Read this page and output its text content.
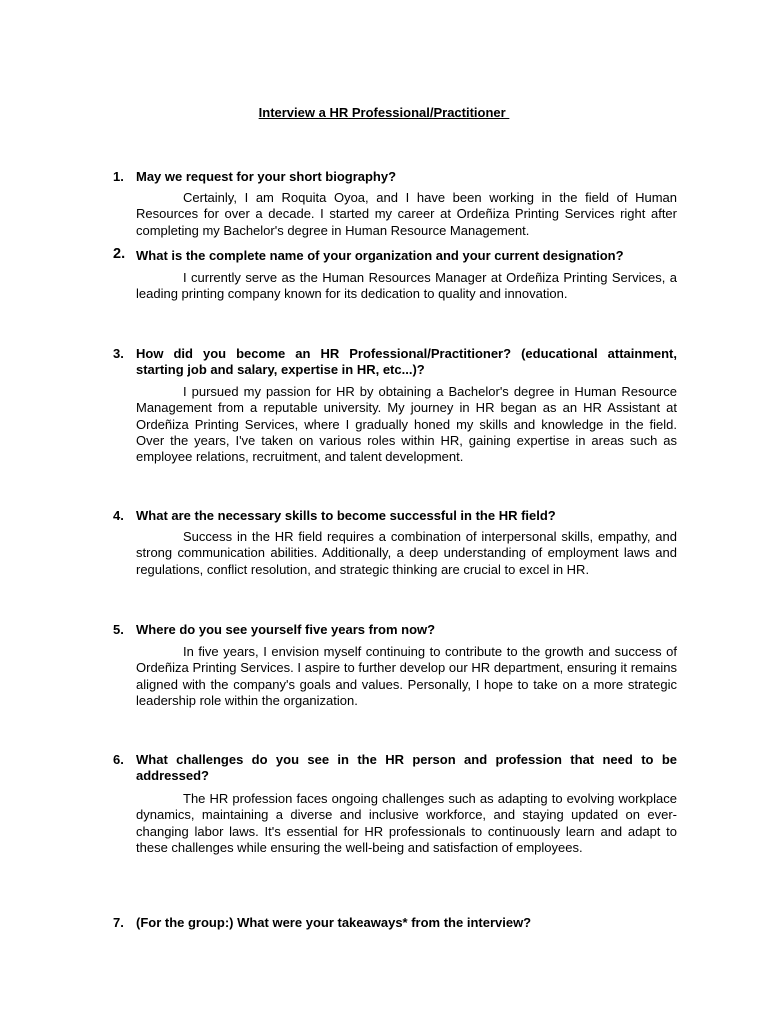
Interview a HR Professional/Practitioner
1. May we request for your short biography?
Certainly, I am Roquita Oyoa, and I have been working in the field of Human Resources for over a decade. I started my career at Ordeñiza Printing Services right after completing my Bachelor's degree in Human Resource Management.
2. What is the complete name of your organization and your current designation?
I currently serve as the Human Resources Manager at Ordeñiza Printing Services, a leading printing company known for its dedication to quality and innovation.
3. How did you become an HR Professional/Practitioner? (educational attainment, starting job and salary, expertise in HR, etc...)?
I pursued my passion for HR by obtaining a Bachelor's degree in Human Resource Management from a reputable university. My journey in HR began as an HR Assistant at Ordeñiza Printing Services, where I gradually honed my skills and knowledge in the field. Over the years, I've taken on various roles within HR, gaining expertise in areas such as employee relations, recruitment, and talent development.
4. What are the necessary skills to become successful in the HR field?
Success in the HR field requires a combination of interpersonal skills, empathy, and strong communication abilities. Additionally, a deep understanding of employment laws and regulations, conflict resolution, and strategic thinking are crucial to excel in HR.
5. Where do you see yourself five years from now?
In five years, I envision myself continuing to contribute to the growth and success of Ordeñiza Printing Services. I aspire to further develop our HR department, ensuring it remains aligned with the company's goals and values. Personally, I hope to take on a more strategic leadership role within the organization.
6. What challenges do you see in the HR person and profession that need to be addressed?
The HR profession faces ongoing challenges such as adapting to evolving workplace dynamics, maintaining a diverse and inclusive workforce, and staying updated on ever-changing labor laws. It's essential for HR professionals to continuously learn and adapt to these challenges while ensuring the well-being and satisfaction of employees.
7. (For the group:) What were your takeaways* from the interview?
